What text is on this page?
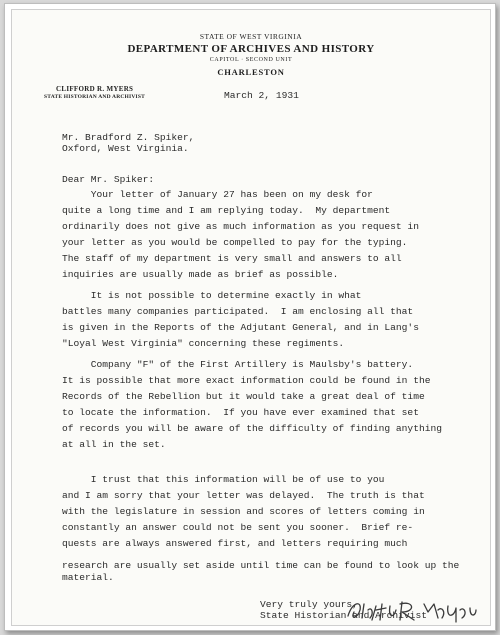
STATE OF WEST VIRGINIA
DEPARTMENT OF ARCHIVES AND HISTORY
CAPITOL · SECOND UNIT
CHARLESTON
CLIFFORD R. MYERS
STATE HISTORIAN AND ARCHIVIST	March 2, 1931
Mr. Bradford Z. Spiker,
Oxford, West Virginia.
Dear Mr. Spiker:
Your letter of January 27 has been on my desk for
quite a long time and I am replying today.  My department
ordinarily does not give as much information as you request in
your letter as you would be compelled to pay for the typing.
The staff of my department is very small and answers to all
inquiries are usually made as brief as possible.
It is not possible to determine exactly in what
battles many companies participated.  I am enclosing all that
is given in the Reports of the Adjutant General, and in Lang's
"Loyal West Virginia" concerning these regiments.
Company "F" of the First Artillery is Maulsby's battery.
It is possible that more exact information could be found in the
Records of the Rebellion but it would take a great deal of time
to locate the information.  If you have ever examined that set
of records you will be aware of the difficulty of finding anything
at all in the set.
I trust that this information will be of use to you
and I am sorry that your letter was delayed.  The truth is that
with the legislature in session and scores of letters coming in
constantly an answer could not be sent you sooner.  Brief re-
quests are always answered first, and letters requiring much
research are usually set aside until time can be found to look up the
material.
Very truly yours,
State Historian and Archivist
